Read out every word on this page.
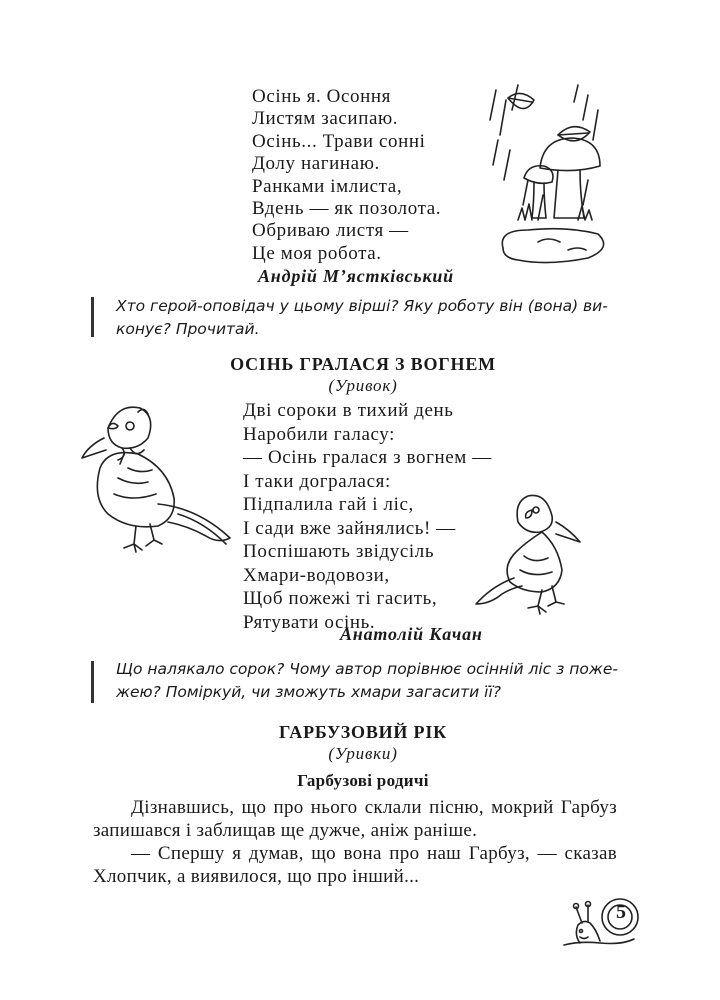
Осінь я. Осоння
Листям засипаю.
Осінь... Трави сонні
Долу нагинаю.
Ранками імлиста,
Вдень — як позолота.
Обриваю листя —
Це моя робота.
Андрій М’ястківський
Хто герой-оповідач у цьому вірші? Яку роботу він (вона) ви-
конує? Прочитай.
ОСІНЬ ГРАЛАСЯ З ВОГНЕМ
(Уривок)
Дві сороки в тихий день
Наробили галасу:
— Осінь гралася з вогнем —
І таки догралася:
Підпалила гай і ліс,
І сади вже зайнялись! —
Поспішають звідусіль
Хмари-водовози,
Щоб пожежі ті гасить,
Рятувати осінь.
Анатолій Качан
Що налякало сорок? Чому автор порівнює осінній ліс з поже-
жею? Поміркуй, чи зможуть хмари загасити її?
ГАРБУЗОВИЙ РІК
(Уривки)
Гарбузові родичі

Дізнавшись, що про нього склали пісню, мокрий Гарбуз запишався і заблищав ще дужче, аніж раніше.

— Спершу я думав, що вона про наш Гарбуз, — сказав Хлопчик, а виявилося, що про інший...

5
